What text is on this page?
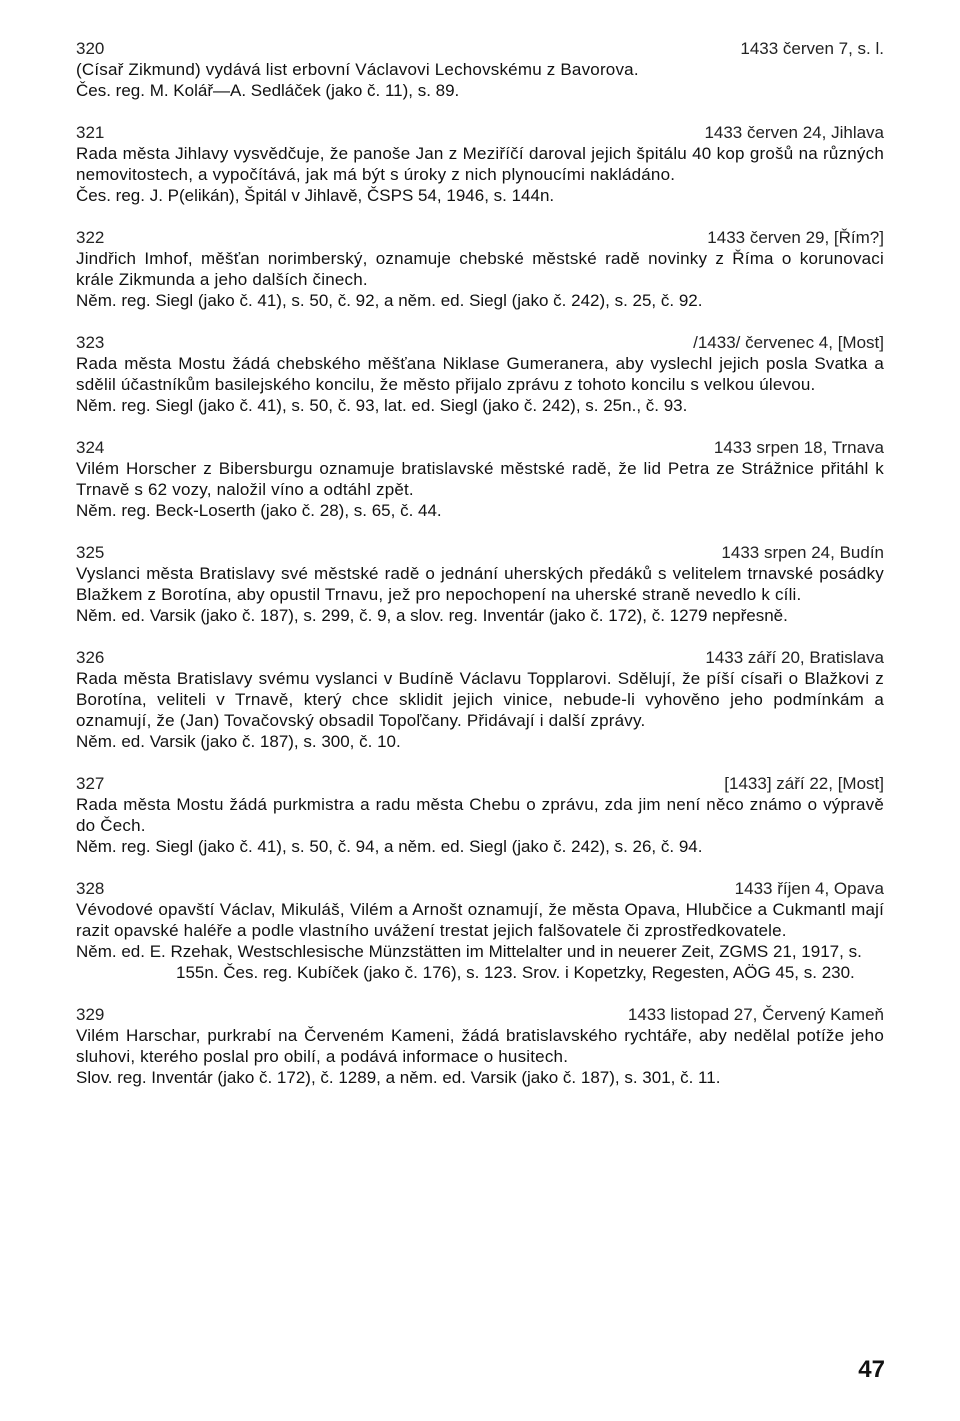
320	1433 červen 7, s. l.
(Císař Zikmund) vydává list erbovní Václavovi Lechovskému z Bavorova.
Čes. reg. M. Kolář—A. Sedláček (jako č. 11), s. 89.
321	1433 červen 24, Jihlava
Rada města Jihlavy vysvědčuje, že panoše Jan z Meziříčí daroval jejich špitálu 40 kop grošů na různých nemovitostech, a vypočítává, jak má být s úroky z nich plynoucími nakládáno.
Čes. reg. J. P(elikán), Špitál v Jihlavě, ČSPS 54, 1946, s. 144n.
322	1433 červen 29, [Řím?]
Jindřich Imhof, měšťan norimberský, oznamuje chebské městské radě novinky z Říma o korunovaci krále Zikmunda a jeho dalších činech.
Něm. reg. Siegl (jako č. 41), s. 50, č. 92, a něm. ed. Siegl (jako č. 242), s. 25, č. 92.
323	/1433/ červenec 4, [Most]
Rada města Mostu žádá chebského měšťana Niklase Gumeranera, aby vyslechl jejich posla Svatka a sdělil účastníkům basilejského koncilu, že město přijalo zprávu z tohoto koncilu s velkou úlevou.
Něm. reg. Siegl (jako č. 41), s. 50, č. 93, lat. ed. Siegl (jako č. 242), s. 25n., č. 93.
324	1433 srpen 18, Trnava
Vilém Horscher z Bibersburgu oznamuje bratislavské městské radě, že lid Petra ze Strážnice přitáhl k Trnavě s 62 vozy, naložil víno a odtáhl zpět.
Něm. reg. Beck-Loserth (jako č. 28), s. 65, č. 44.
325	1433 srpen 24, Budín
Vyslanci města Bratislavy své městské radě o jednání uherských předáků s velitelem trnavské posádky Blažkem z Borotína, aby opustil Trnavu, jež pro nepochopení na uherské straně nevedlo k cíli.
Něm. ed. Varsik (jako č. 187), s. 299, č. 9, a slov. reg. Inventár (jako č. 172), č. 1279 nepřesně.
326	1433 září 20, Bratislava
Rada města Bratislavy svému vyslanci v Budíně Václavu Topplarovi. Sdělují, že píší císaři o Blažkovi z Borotína, veliteli v Trnavě, který chce sklidit jejich vinice, nebude-li vyhověno jeho podmínkám a oznamují, že (Jan) Tovačovský obsadil Topoľčany. Přidávají i další zprávy.
Něm. ed. Varsik (jako č. 187), s. 300, č. 10.
327	[1433] září 22, [Most]
Rada města Mostu žádá purkmistra a radu města Chebu o zprávu, zda jim není něco známo o výpravě do Čech.
Něm. reg. Siegl (jako č. 41), s. 50, č. 94, a něm. ed. Siegl (jako č. 242), s. 26, č. 94.
328	1433 říjen 4, Opava
Vévodové opavští Václav, Mikuláš, Vilém a Arnošt oznamují, že města Opava, Hlubčice a Cukmantl mají razit opavské haléře a podle vlastního uvážení trestat jejich falšovatele či zprostředkovatele.
Něm. ed. E. Rzehak, Westschlesische Münzstätten im Mittelalter und in neuerer Zeit, ZGMS 21, 1917, s. 155n. Čes. reg. Kubíček (jako č. 176), s. 123. Srov. i Kopetzky, Regesten, AÖG 45, s. 230.
329	1433 listopad 27, Červený Kameň
Vilém Harschar, purkrabí na Červeném Kameni, žádá bratislavského rychtáře, aby nedělal potíže jeho sluhovi, kterého poslal pro obilí, a podává informace o husitech.
Slov. reg. Inventár (jako č. 172), č. 1289, a něm. ed. Varsik (jako č. 187), s. 301, č. 11.
47
